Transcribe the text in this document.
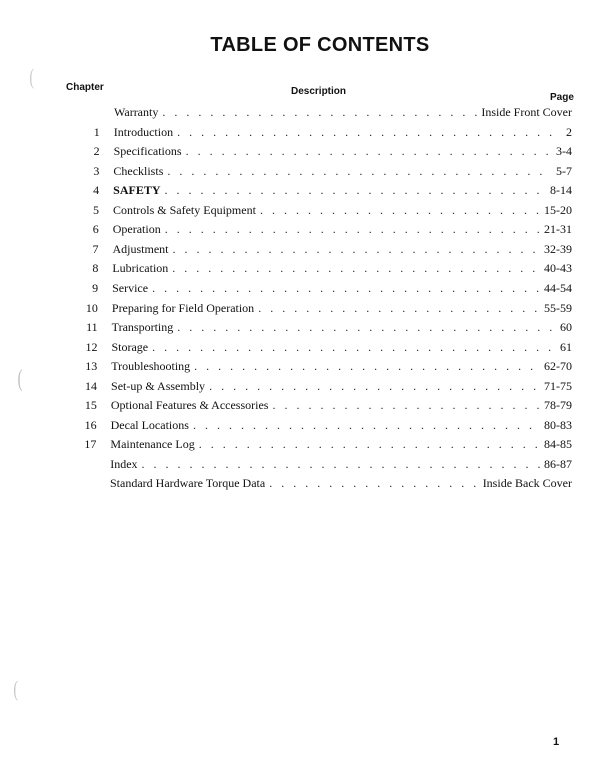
(
(
(
TABLE OF CONTENTS
Chapter	Description
Page
Warranty . . .	Inside Front Cover
1 Introduction . . .	2
2 Specifications . . .	3-4
3 Checklists . . .	5-7
4 SAFETY . . .	8-14
5 Controls & Safety Equipment . . .	15-20
6 Operation . . .	21-31
7 Adjustment . . .	32-39
8 Lubrication . . .	40-43
9 Service . . .	44-54
10 Preparing for Field Operation . . .	55-59
11 Transporting . . .	60
12 Storage . . .	61
13 Troubleshooting . . .	62-70
14 Set-up & Assembly . . .	71-75
15 Optional Features & Accessories . . .	78-79
16 Decal Locations . . .	80-83
17 Maintenance Log . . .	84-85
Index . . .	86-87
Standard Hardware Torque Data . . .	Inside Back Cover
1
